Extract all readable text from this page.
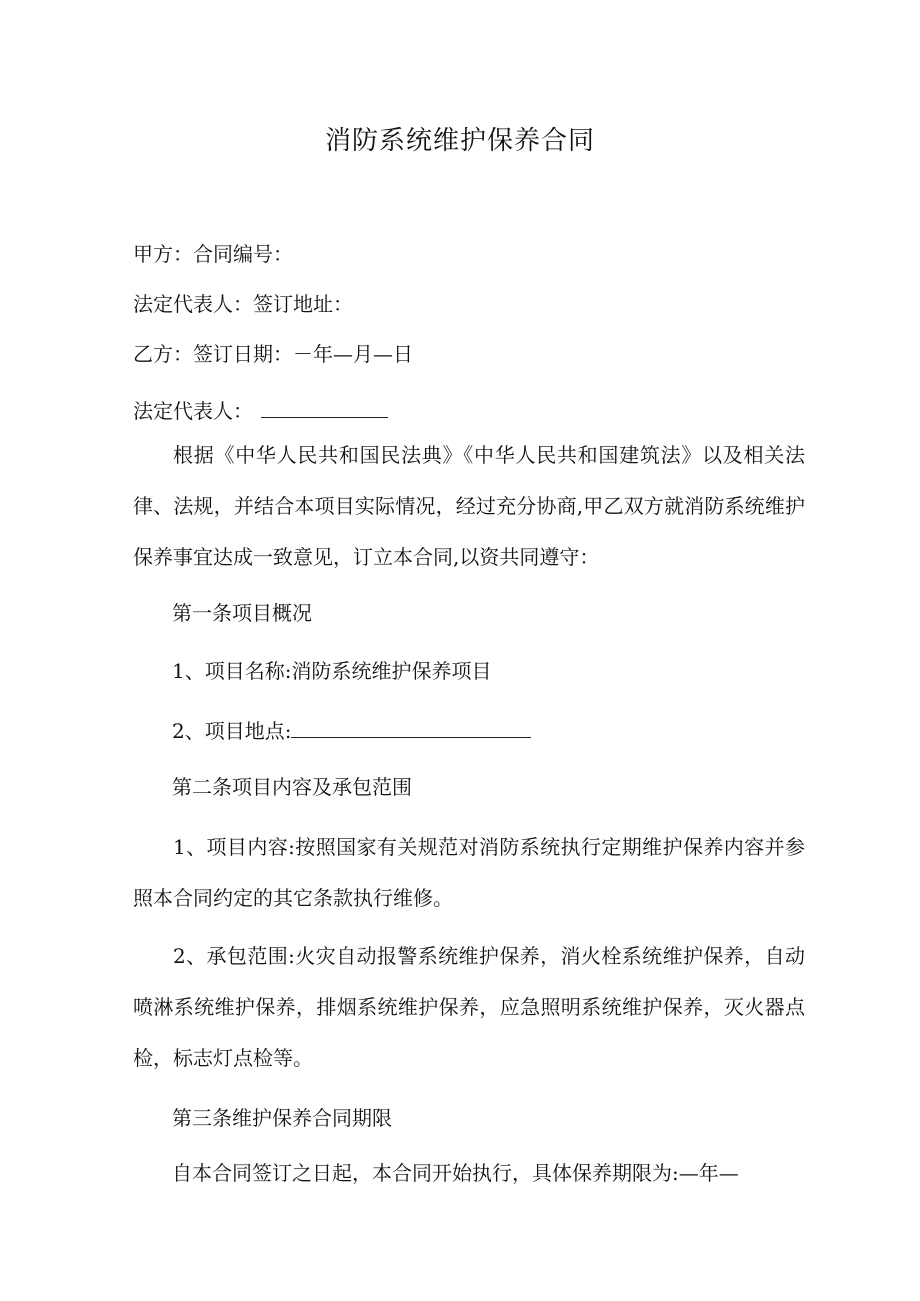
消防系统维护保养合同
甲方：合同编号：
法定代表人：签订地址：
乙方：签订日期：－年—月—日
法定代表人：

根据《中华人民共和国民法典》《中华人民共和国建筑法》以及相关法律、法规，并结合本项目实际情况，经过充分协商,甲乙双方就消防系统维护保养事宜达成一致意见，订立本合同,以资共同遵守：

第一条项目概况
1、项目名称:消防系统维护保养项目
2、项目地点:
第二条项目内容及承包范围

1、项目内容:按照国家有关规范对消防系统执行定期维护保养内容并参照本合同约定的其它条款执行维修。

2、承包范围:火灾自动报警系统维护保养，消火栓系统维护保养，自动喷淋系统维护保养，排烟系统维护保养，应急照明系统维护保养，灭火器点检，标志灯点检等。

第三条维护保养合同期限
自本合同签订之日起，本合同开始执行，具体保养期限为:—年—
